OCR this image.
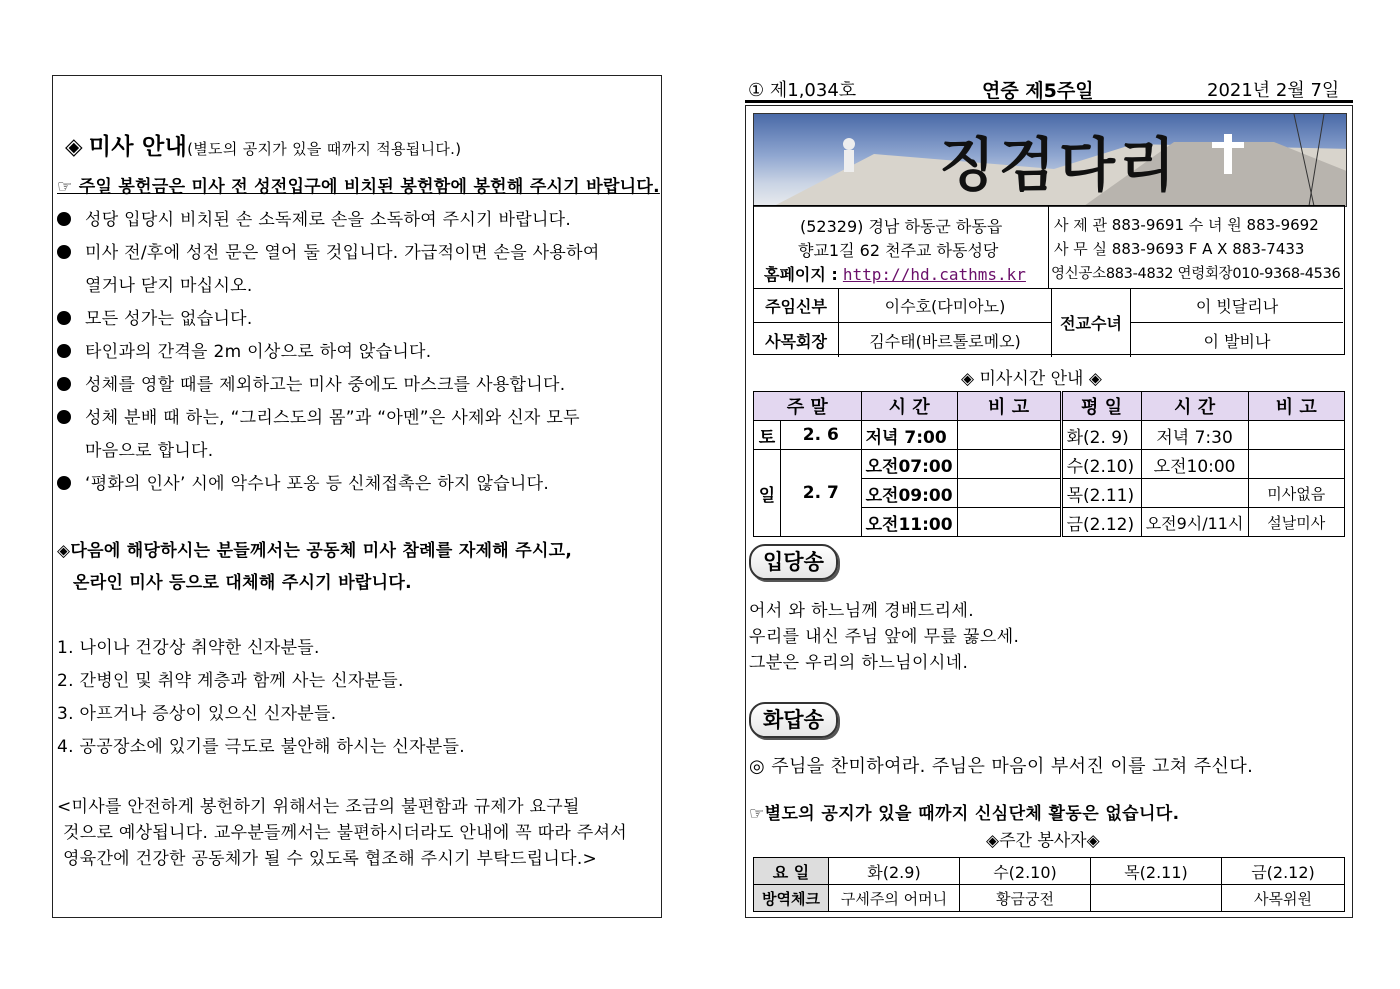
◈ 미사 안내(별도의 공지가 있을 때까지 적용됩니다.)
☞ 주일 봉헌금은 미사 전 성전입구에 비치된 봉헌함에 봉헌해 주시기 바랍니다.
성당 입당시 비치된 손 소독제로 손을 소독하여 주시기 바랍니다.
미사 전/후에 성전 문은 열어 둘 것입니다. 가급적이면 손을 사용하여
열거나 닫지 마십시오.
모든 성가는 없습니다.
타인과의 간격을 2m 이상으로 하여 앉습니다.
성체를 영할 때를 제외하고는 미사 중에도 마스크를 사용합니다.
성체 분배 때 하는, “그리스도의 몸”과 “아멘”은 사제와 신자 모두
마음으로 합니다.
‘평화의 인사’ 시에 악수나 포옹 등 신체접촉은 하지 않습니다.
◈다음에 해당하시는 분들께서는 공동체 미사 참례를 자제해 주시고,
온라인 미사 등으로 대체해 주시기 바랍니다.
1. 나이나 건강상 취약한 신자분들.
2. 간병인 및 취약 계층과 함께 사는 신자분들.
3. 아프거나 증상이 있으신 신자분들.
4. 공공장소에 있기를 극도로 불안해 하시는 신자분들.
<미사를 안전하게 봉헌하기 위해서는 조금의 불편함과 규제가 요구될
것으로 예상됩니다. 교우분들께서는 불편하시더라도 안내에 꼭 따라 주셔서
영육간에 건강한 공동체가 될 수 있도록 협조해 주시기 부탁드립니다.>
① 제1,034호	연중 제5주일	2021년 2월 7일
징검다리
(52329) 경남 하동군 하동읍
향교1길 62 천주교 하동성당
홈페이지 : http://hd.cathms.kr
사 제 관 883-9691 수 녀 원 883-9692
사 무 실 883-9693 F A X 883-7433
영신공소883-4832 연령회장010-9368-4536
주임신부	이수호(다미아노)	전교수녀	이 빗달리나
사목회장	김수태(바르톨로메오)		이 발비나
◈ 미사시간 안내 ◈
주 말		시 간	비 고	평 일	시 간	비 고
토	2. 6	저녁 7:00		화(2. 9)	저녁 7:30	
일	2. 7	오전07:00		수(2.10)	오전10:00	
		오전09:00		목(2.11)		미사없음
		오전11:00		금(2.12)	오전9시/11시	설날미사
입당송
어서 와 하느님께 경배드리세.
우리를 내신 주님 앞에 무릎 꿇으세.
그분은 우리의 하느님이시네.
화답송
◎ 주님을 찬미하여라. 주님은 마음이 부서진 이를 고쳐 주신다.
☞별도의 공지가 있을 때까지 신심단체 활동은 없습니다.
◈주간 봉사자◈
요 일	화(2.9)	수(2.10)	목(2.11)	금(2.12)
방역체크	구세주의 어머니	황금궁전		사목위원
